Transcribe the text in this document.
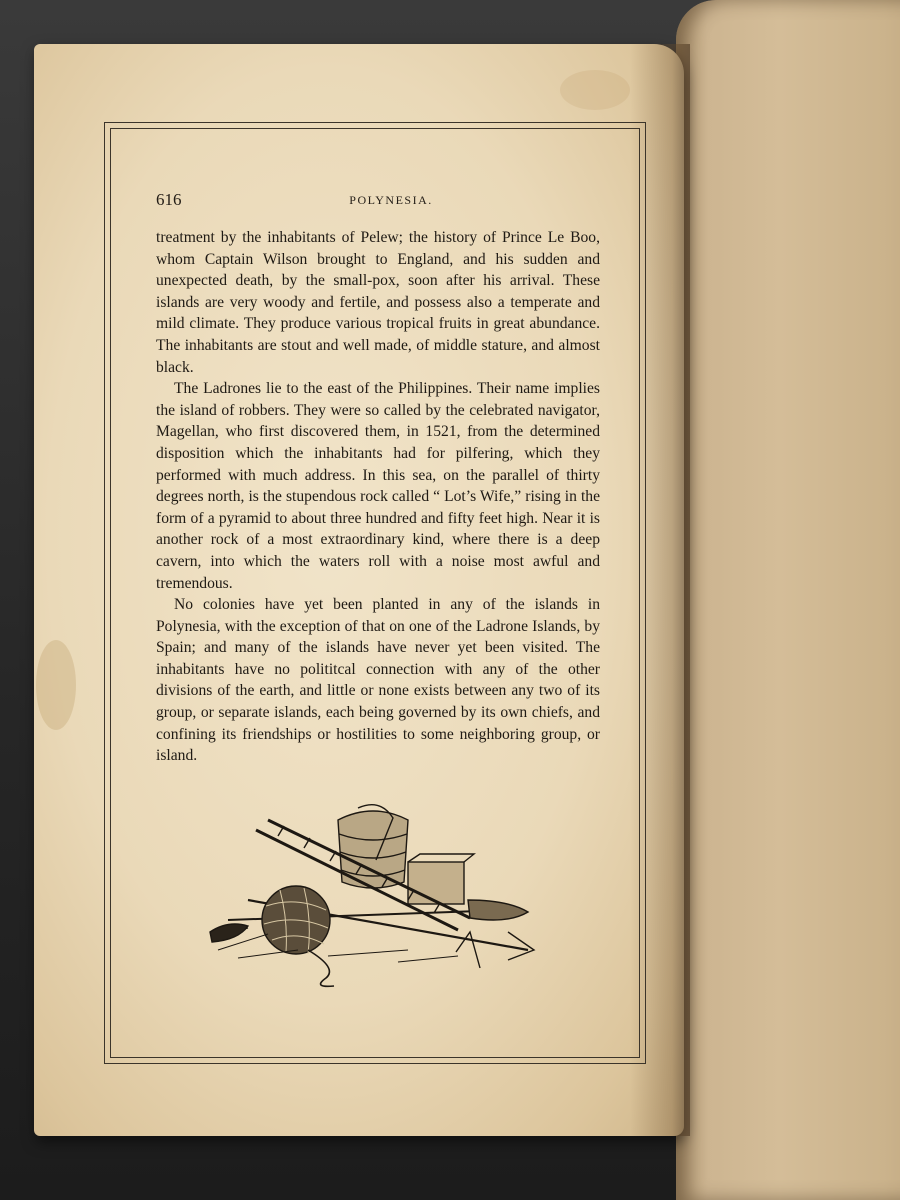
616	POLYNESIA.

treatment by the inhabitants of Pelew; the history of Prince Le Boo, whom Captain Wilson brought to England, and his sudden and unexpected death, by the small-pox, soon after his arrival. These islands are very woody and fertile, and possess also a temperate and mild climate. They produce various tropical fruits in great abundance. The inhabitants are stout and well made, of middle stature, and almost black.

The Ladrones lie to the east of the Philippines. Their name implies the island of robbers. They were so called by the celebrated navigator, Magellan, who first discovered them, in 1521, from the determined disposition which the inhabitants had for pilfering, which they performed with much address. In this sea, on the parallel of thirty degrees north, is the stupendous rock called “ Lot’s Wife,” rising in the form of a pyramid to about three hundred and fifty feet high. Near it is another rock of a most extraordinary kind, where there is a deep cavern, into which the waters roll with a noise most awful and tremendous.

No colonies have yet been planted in any of the islands in Polynesia, with the exception of that on one of the Ladrone Islands, by Spain; and many of the islands have never yet been visited. The inhabitants have no polititcal connection with any of the other divisions of the earth, and little or none exists between any two of its group, or separate islands, each being governed by its own chiefs, and confining its friendships or hostilities to some neighboring group, or island.
